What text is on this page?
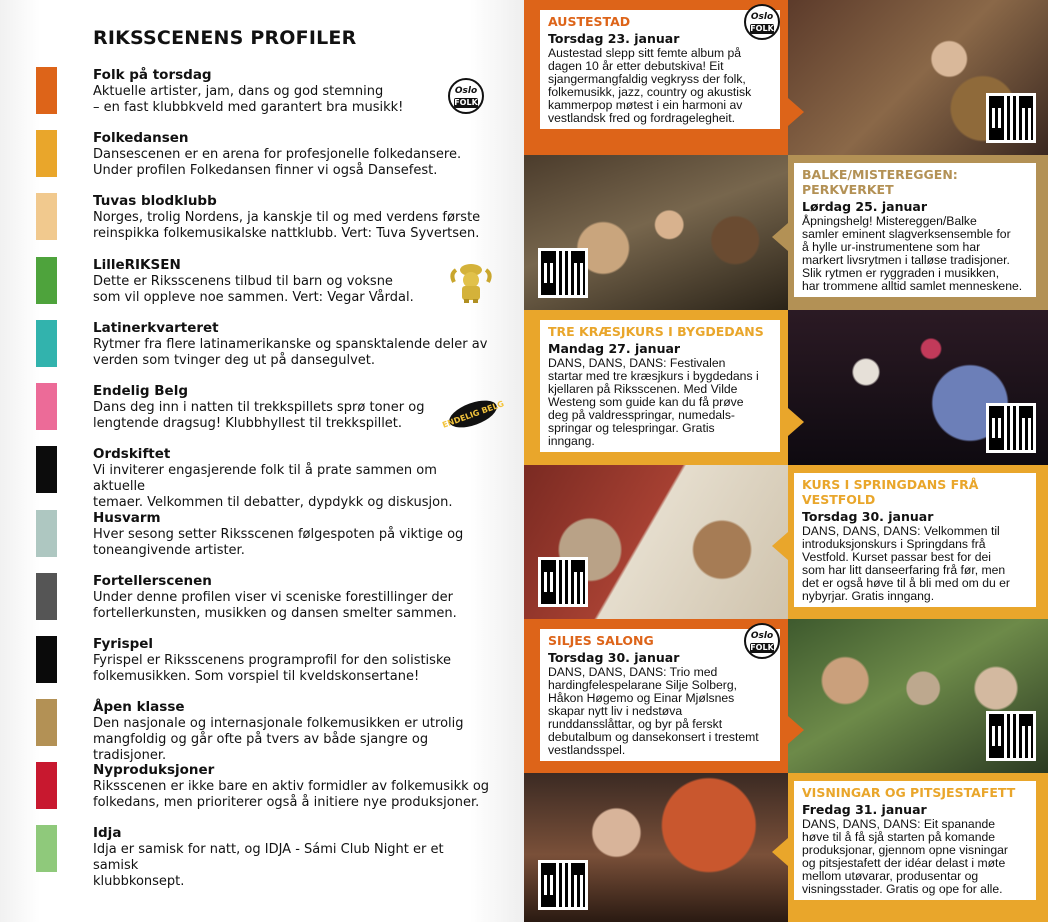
RIKSSCENENS PROFILER
Folk på torsdag
Aktuelle artister, jam, dans og god stemning
– en fast klubbkveld med garantert bra musikk!
Folkedansen
Dansescenen er en arena for profesjonelle folkedansere.
Under profilen Folkedansen finner vi også Dansefest.
Tuvas blodklubb
Norges, trolig Nordens, ja kanskje til og med verdens første
reinspikka folkemusikalske nattklubb. Vert: Tuva Syvertsen.
LilleRIKSEN
Dette er Riksscenens tilbud til barn og voksne
som vil oppleve noe sammen. Vert: Vegar Vårdal.
Latinerkvarteret
Rytmer fra flere latinamerikanske og spansktalende deler av
verden som tvinger deg ut på dansegulvet.
Endelig Belg
Dans deg inn i natten til trekkspillets sprø toner og
lengtende dragsug! Klubbhyllest til trekkspillet.
Ordskiftet
Vi inviterer engasjerende folk til å prate sammen om aktuelle
temaer. Velkommen til debatter, dypdykk og diskusjon.
Husvarm
Hver sesong setter Riksscenen følgespoten på viktige og
toneangivende artister.
Fortellerscenen
Under denne profilen viser vi sceniske forestillinger der
fortellerkunsten, musikken og dansen smelter sammen.
Fyrispel
Fyrispel er Riksscenens programprofil for den solistiske
folkemusikken. Som vorspiel til kveldskonsertane!
Åpen klasse
Den nasjonale og internasjonale folkemusikken er utrolig
mangfoldig og går ofte på tvers av både sjangre og tradisjoner.
Nyproduksjoner
Riksscenen er ikke bare en aktiv formidler av folkemusikk og
folkedans, men prioriterer også å initiere nye produksjoner.
Idja
Idja er samisk for natt, og IDJA - Sámi Club Night er et samisk
klubbkonsept.
Oslo
FOLK
ENDELIG BELG
AUSTESTAD
Torsdag 23. januar
Austestad slepp sitt femte album på
dagen 10 år etter debutskiva! Eit
sjangermangfaldig vegkryss der folk,
folkemusikk, jazz, country og akustisk
kammerpop møtest i ein harmoni av
vestlandsk fred og fordragelegheit.
Oslo
FOLK
BALKE/MISTEREGGEN: PERKVERKET
Lørdag 25. januar
Åpningshelg! Mistereggen/Balke
samler eminent slagverksensemble for
å hylle ur-instrumentene som har
markert livsrytmen i talløse tradisjoner.
Slik rytmen er ryggraden i musikken,
har trommene alltid samlet menneskene.
TRE KRÆSJKURS I BYGDEDANS
Mandag 27. januar
DANS, DANS, DANS: Festivalen
startar med tre kræsjkurs i bygdedans i
kjellaren på Riksscenen. Med Vilde
Westeng som guide kan du få prøve
deg på valdresspringar, numedals-
springar og telespringar. Gratis
inngang.
KURS I SPRINGDANS FRÅ VESTFOLD
Torsdag 30. januar
DANS, DANS, DANS: Velkommen til
introduksjonskurs i Springdans frå
Vestfold. Kurset passar best for dei
som har litt danseerfaring frå før, men
det er også høve til å bli med om du er
nybyrjar. Gratis inngang.
SILJES SALONG
Torsdag 30. januar
DANS, DANS, DANS: Trio med
hardingfelespelarane Silje Solberg,
Håkon Høgemo og Einar Mjølsnes
skapar nytt liv i nedstøva
runddansslåttar, og byr på ferskt
debutalbum og dansekonsert i trestemt
vestlandsspel.
Oslo
FOLK
VISNINGAR OG PITSJESTAFETT
Fredag 31. januar
DANS, DANS, DANS: Eit spanande
høve til å få sjå starten på komande
produksjonar, gjennom opne visningar
og pitsjestafett der idéar delast i møte
mellom utøvarar, produsentar og
visningsstader. Gratis og ope for alle.
